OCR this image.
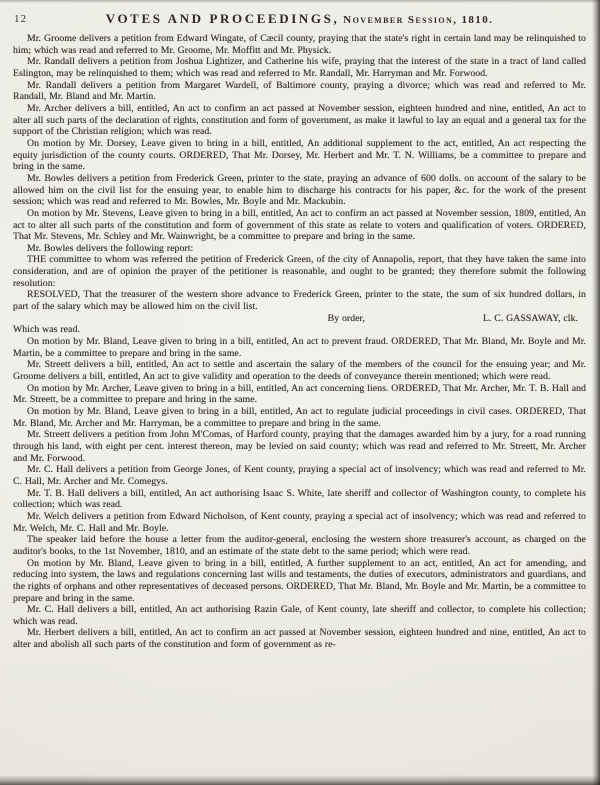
12	VOTES AND PROCEEDINGS, November Session, 1810.

Mr. Groome delivers a petition from Edward Wingate, of Cæcil county, praying that the state's right in certain land may be relinquished to him; which was read and referred to Mr. Groome, Mr. Moffitt and Mr. Physick.

Mr. Randall delivers a petition from Joshua Lightizer, and Catherine his wife, praying that the interest of the state in a tract of land called Eslington, may be relinquished to them; which was read and referred to Mr. Randall, Mr. Harryman and Mr. Forwood.

Mr. Randall delivers a petition from Margaret Wardell, of Baltimore county, praying a divorce; which was read and referred to Mr. Randall, Mr. Bland and Mr. Martin.

Mr. Archer delivers a bill, entitled, An act to confirm an act passed at November session, eighteen hundred and nine, entitled, An act to alter all such parts of the declaration of rights, constitution and form of government, as make it lawful to lay an equal and a general tax for the support of the Christian religion; which was read.

On motion by Mr. Dorsey, Leave given to bring in a bill, entitled, An additional supplement to the act, entitled, An act respecting the equity jurisdiction of the county courts. ORDERED, That Mr. Dorsey, Mr. Herbert and Mr. T. N. Williams, be a committee to prepare and bring in the same.

Mr. Bowles delivers a petition from Frederick Green, printer to the state, praying an advance of 600 dolls. on account of the salary to be allowed him on the civil list for the ensuing year, to enable him to discharge his contracts for his paper, &c. for the work of the present session; which was read and referred to Mr. Bowles, Mr. Boyle and Mr. Mackubin.

On motion by Mr. Stevens, Leave given to bring in a bill, entitled, An act to confirm an act passed at November session, 1809, entitled, An act to alter all such parts of the constitution and form of government of this state as relate to voters and qualification of voters. ORDERED, That Mr. Stevens, Mr. Schley and Mr. Wainwright, be a committee to prepare and bring in the same.

Mr. Bowles delivers the following report:

THE committee to whom was referred the petition of Frederick Green, of the city of Annapolis, report, that they have taken the same into consideration, and are of opinion the prayer of the petitioner is reasonable, and ought to be granted; they therefore submit the following resolution:

RESOLVED, That the treasurer of the western shore advance to Frederick Green, printer to the state, the sum of six hundred dollars, in part of the salary which may be allowed him on the civil list.

By order,	L. C. GASSAWAY, clk.

Which was read.

On motion by Mr. Bland, Leave given to bring in a bill, entitled, An act to prevent fraud. ORDERED, That Mr. Bland, Mr. Boyle and Mr. Martin, be a committee to prepare and bring in the same.

Mr. Streett delivers a bill, entitled, An act to settle and ascertain the salary of the members of the council for the ensuing year; and Mr. Groome delivers a bill, entitled, An act to give validity and operation to the deeds of conveyance therein mentioned; which were read.

On motion by Mr. Archer, Leave given to bring in a bill, entitled, An act concerning liens. ORDERED, That Mr. Archer, Mr. T. B. Hall and Mr. Streett, be a committee to prepare and bring in the same.

On motion by Mr. Bland, Leave given to bring in a bill, entitled, An act to regulate judicial proceedings in civil cases. ORDERED, That Mr. Bland, Mr. Archer and Mr. Harryman, be a committee to prepare and bring in the same.

Mr. Streett delivers a petition from John M'Comas, of Harford county, praying that the damages awarded him by a jury, for a road running through his land, with eight per cent. interest thereon, may be levied on said county; which was read and referred to Mr. Streett, Mr. Archer and Mr. Forwood.

Mr. C. Hall delivers a petition from George Jones, of Kent county, praying a special act of insolvency; which was read and referred to Mr. C. Hall, Mr. Archer and Mr. Comegys.

Mr. T. B. Hall delivers a bill, entitled, An act authorising Isaac S. White, late sheriff and collector of Washington county, to complete his collection; which was read.

Mr. Welch delivers a petition from Edward Nicholson, of Kent county, praying a special act of insolvency; which was read and referred to Mr. Welch, Mr. C. Hall and Mr. Boyle.

The speaker laid before the house a letter from the auditor-general, enclosing the western shore treasurer's account, as charged on the auditor's books, to the 1st November, 1810, and an estimate of the state debt to the same period; which were read.

On motion by Mr. Bland, Leave given to bring in a bill, entitled, A further supplement to an act, entitled, An act for amending, and reducing into system, the laws and regulations concerning last wills and testaments, the duties of executors, administrators and guardians, and the rights of orphans and other representatives of deceased persons. ORDERED, That Mr. Bland, Mr. Boyle and Mr. Martin, be a committee to prepare and bring in the same.

Mr. C. Hall delivers a bill, entitled, An act authorising Razin Gale, of Kent county, late sheriff and collector, to complete his collection; which was read.

Mr. Herbert delivers a bill, entitled, An act to confirm an act passed at November session, eighteen hundred and nine, entitled, An act to alter and abolish all such parts of the constitution and form of government as re-
